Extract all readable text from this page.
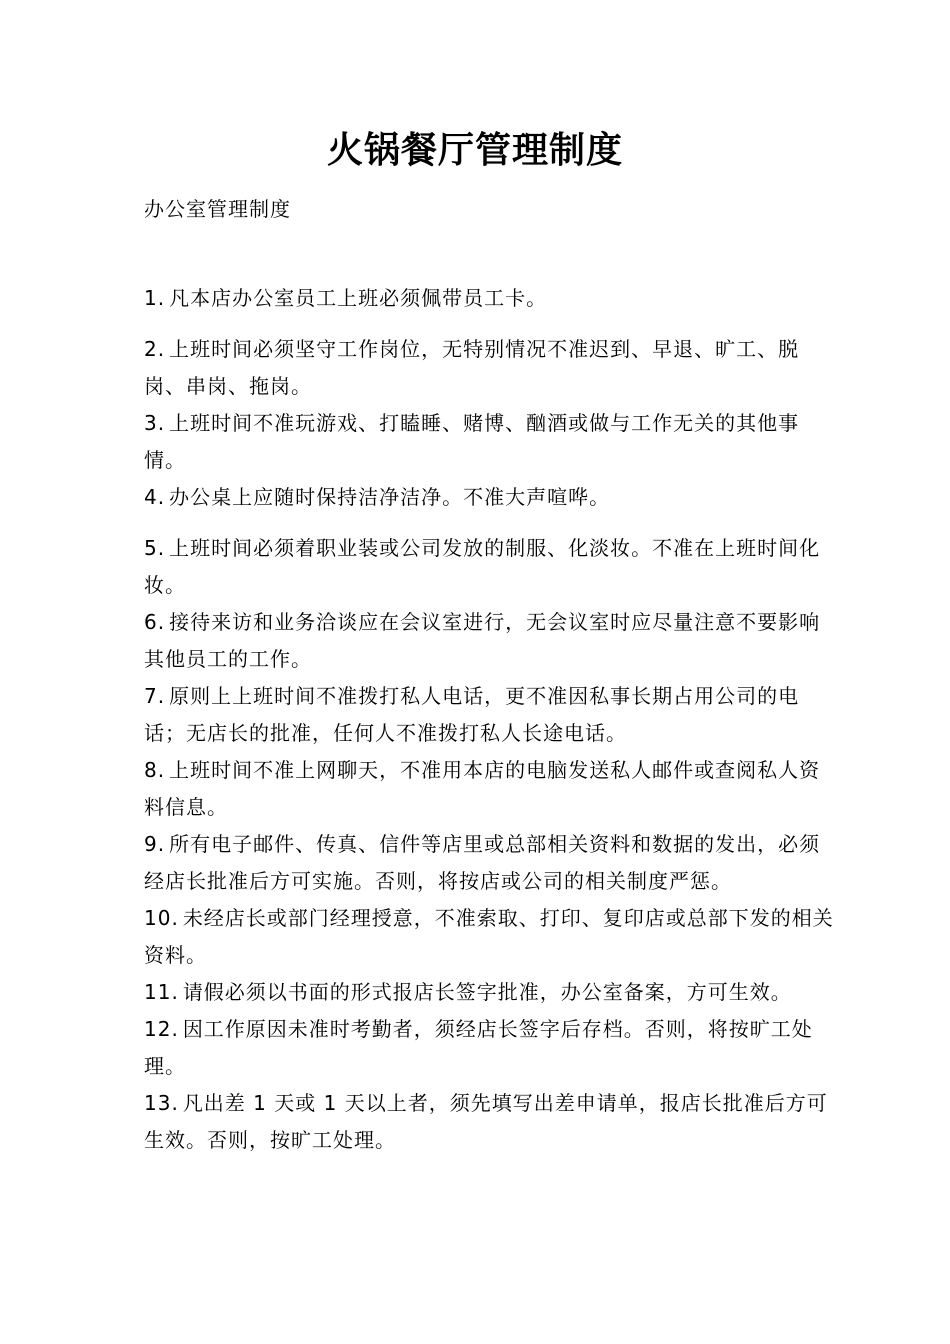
火锅餐厅管理制度
办公室管理制度
1. 凡本店办公室员工上班必须佩带员工卡。
2. 上班时间必须坚守工作岗位，无特别情况不准迟到、早退、旷工、脱岗、串岗、拖岗。
3. 上班时间不准玩游戏、打瞌睡、赌博、酗酒或做与工作无关的其他事情。
4. 办公桌上应随时保持洁净洁净。不准大声喧哗。
5. 上班时间必须着职业装或公司发放的制服、化淡妆。不准在上班时间化妆。
6. 接待来访和业务洽谈应在会议室进行，无会议室时应尽量注意不要影响其他员工的工作。
7. 原则上上班时间不准拨打私人电话，更不准因私事长期占用公司的电话；无店长的批准，任何人不准拨打私人长途电话。
8. 上班时间不准上网聊天，不准用本店的电脑发送私人邮件或查阅私人资料信息。
9. 所有电子邮件、传真、信件等店里或总部相关资料和数据的发出，必须经店长批准后方可实施。否则，将按店或公司的相关制度严惩。
10. 未经店长或部门经理授意，不准索取、打印、复印店或总部下发的相关资料。
11. 请假必须以书面的形式报店长签字批准，办公室备案，方可生效。
12. 因工作原因未准时考勤者，须经店长签字后存档。否则，将按旷工处理。
13. 凡出差 1 天或 1 天以上者，须先填写出差申请单，报店长批准后方可生效。否则，按旷工处理。
